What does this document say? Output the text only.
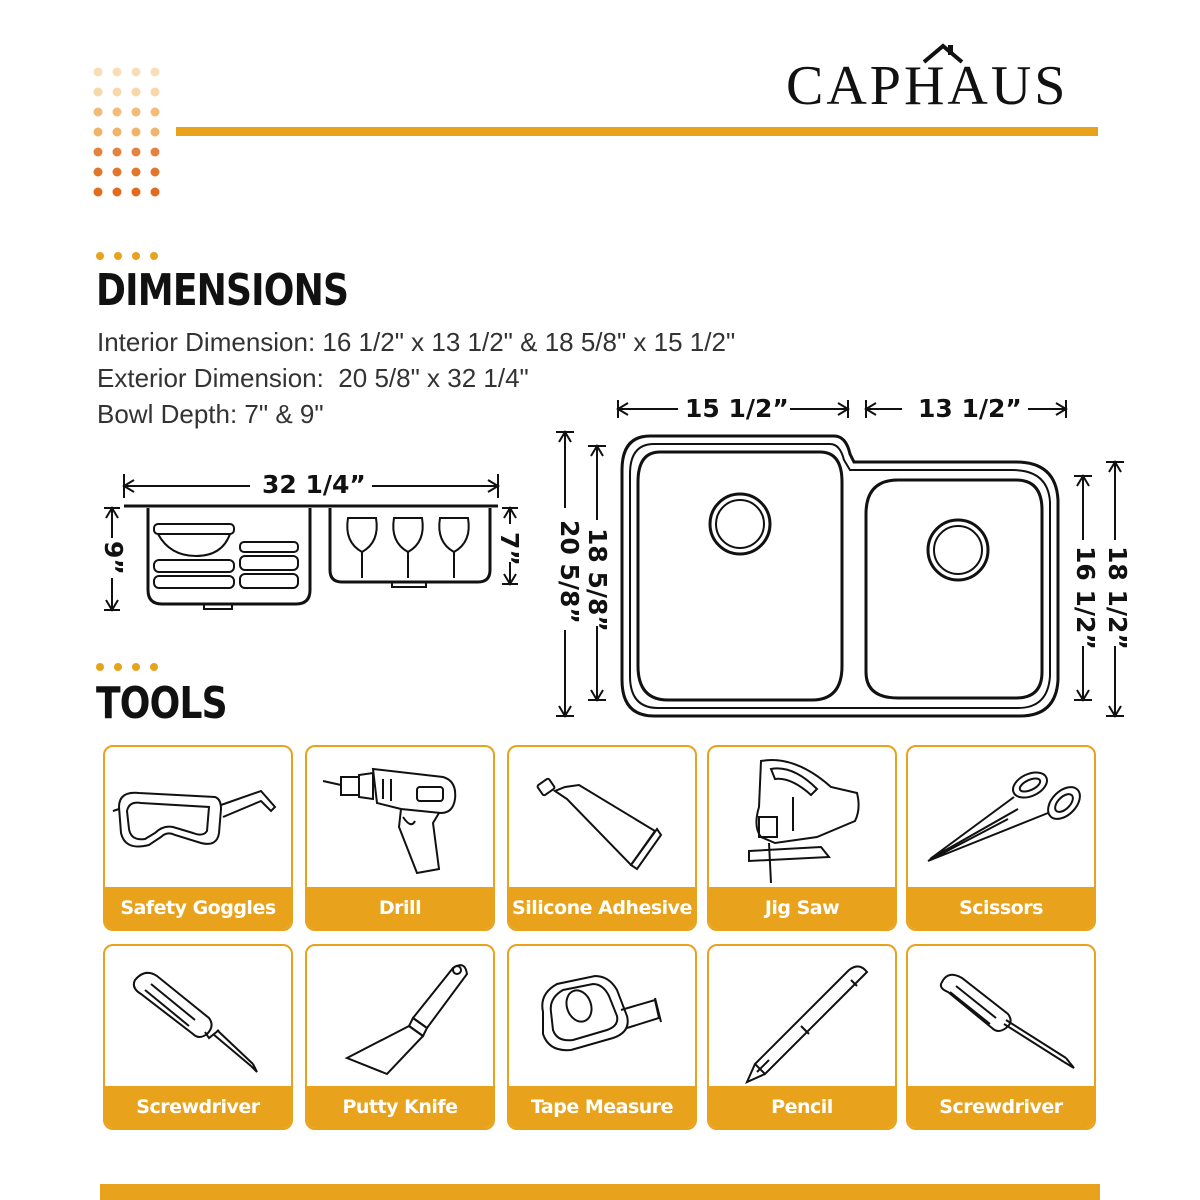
CAPHAUS
DIMENSIONS
Interior Dimension: 16 1/2" x 13 1/2" & 18 5/8" x 15 1/2"
Exterior Dimension:  20 5/8" x 32 1/4"
Bowl Depth: 7" & 9"
32 1/4”
9”	7”
15 1/2”	13 1/2”
20 5/8” 18 5/8”	16 1/2” 18 1/2”
TOOLS
Safety Goggles	Drill	Silicone Adhesive	Jig Saw	Scissors
Screwdriver	Putty Knife	Tape Measure	Pencil	Screwdriver
